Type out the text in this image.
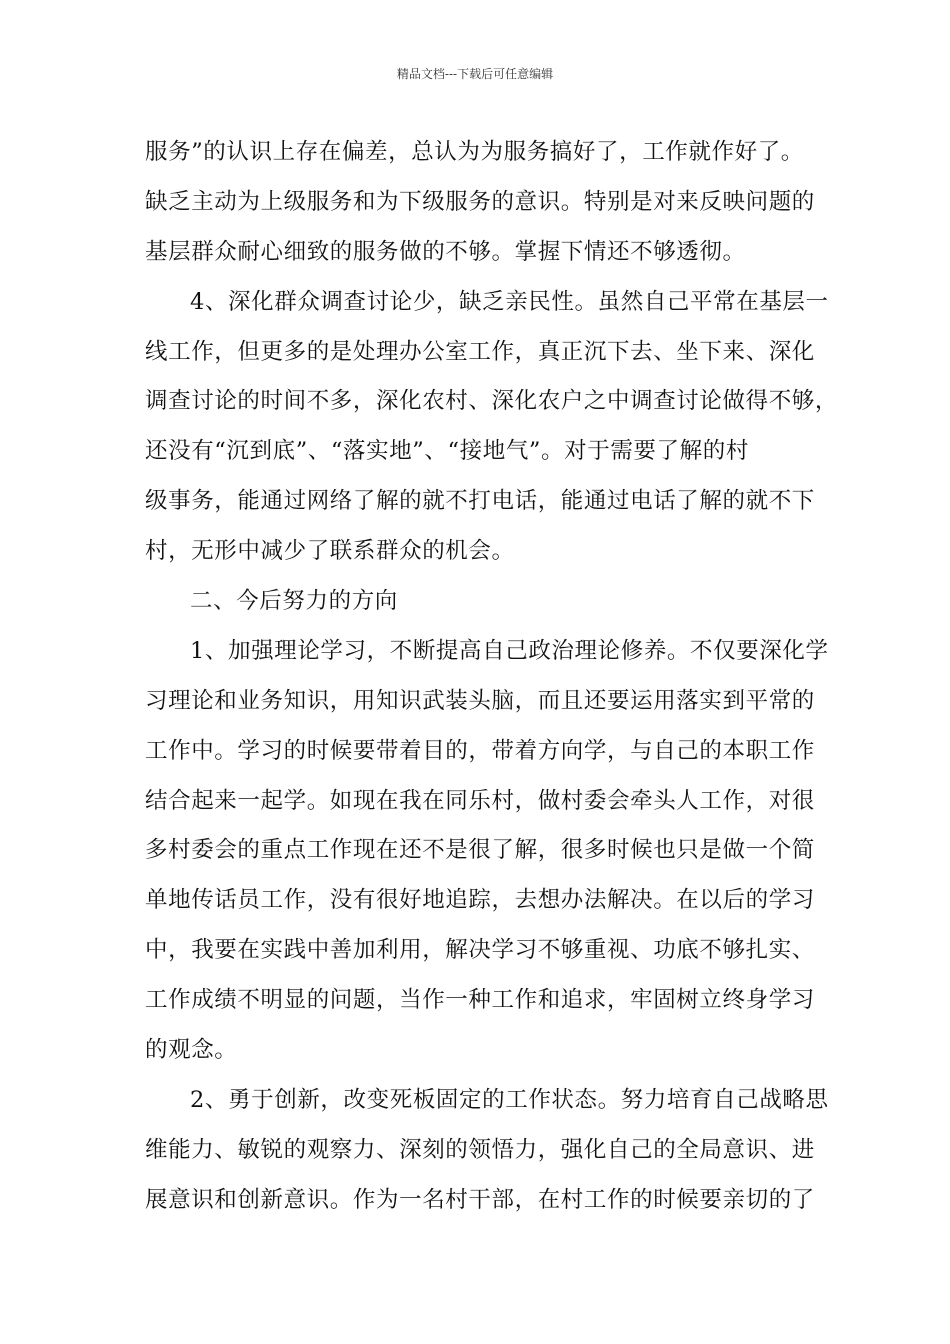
精品文档---下载后可任意编辑
服务”的认识上存在偏差，总认为为服务搞好了，工作就作好了。
缺乏主动为上级服务和为下级服务的意识。特别是对来反映问题的
基层群众耐心细致的服务做的不够。掌握下情还不够透彻。
4、深化群众调查讨论少，缺乏亲民性。虽然自己平常在基层一
线工作，但更多的是处理办公室工作，真正沉下去、坐下来、深化
调查讨论的时间不多，深化农村、深化农户之中调查讨论做得不够，
还没有“沉到底”、“落实地”、“接地气”。对于需要了解的村
级事务，能通过网络了解的就不打电话，能通过电话了解的就不下
村，无形中减少了联系群众的机会。
二、今后努力的方向
1、加强理论学习，不断提高自己政治理论修养。不仅要深化学
习理论和业务知识，用知识武装头脑，而且还要运用落实到平常的
工作中。学习的时候要带着目的，带着方向学，与自己的本职工作
结合起来一起学。如现在我在同乐村，做村委会牵头人工作，对很
多村委会的重点工作现在还不是很了解，很多时候也只是做一个简
单地传话员工作，没有很好地追踪，去想办法解决。在以后的学习
中，我要在实践中善加利用，解决学习不够重视、功底不够扎实、
工作成绩不明显的问题，当作一种工作和追求，牢固树立终身学习
的观念。
2、勇于创新，改变死板固定的工作状态。努力培育自己战略思
维能力、敏锐的观察力、深刻的领悟力，强化自己的全局意识、进
展意识和创新意识。作为一名村干部，在村工作的时候要亲切的了
